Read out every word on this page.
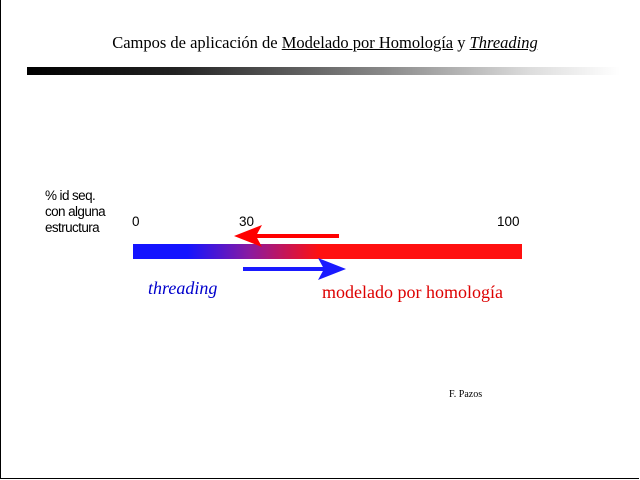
Campos de aplicación de Modelado por Homología y Threading
% id seq.
con alguna
estructura	0	30	100
threading	modelado por homología
F. Pazos
